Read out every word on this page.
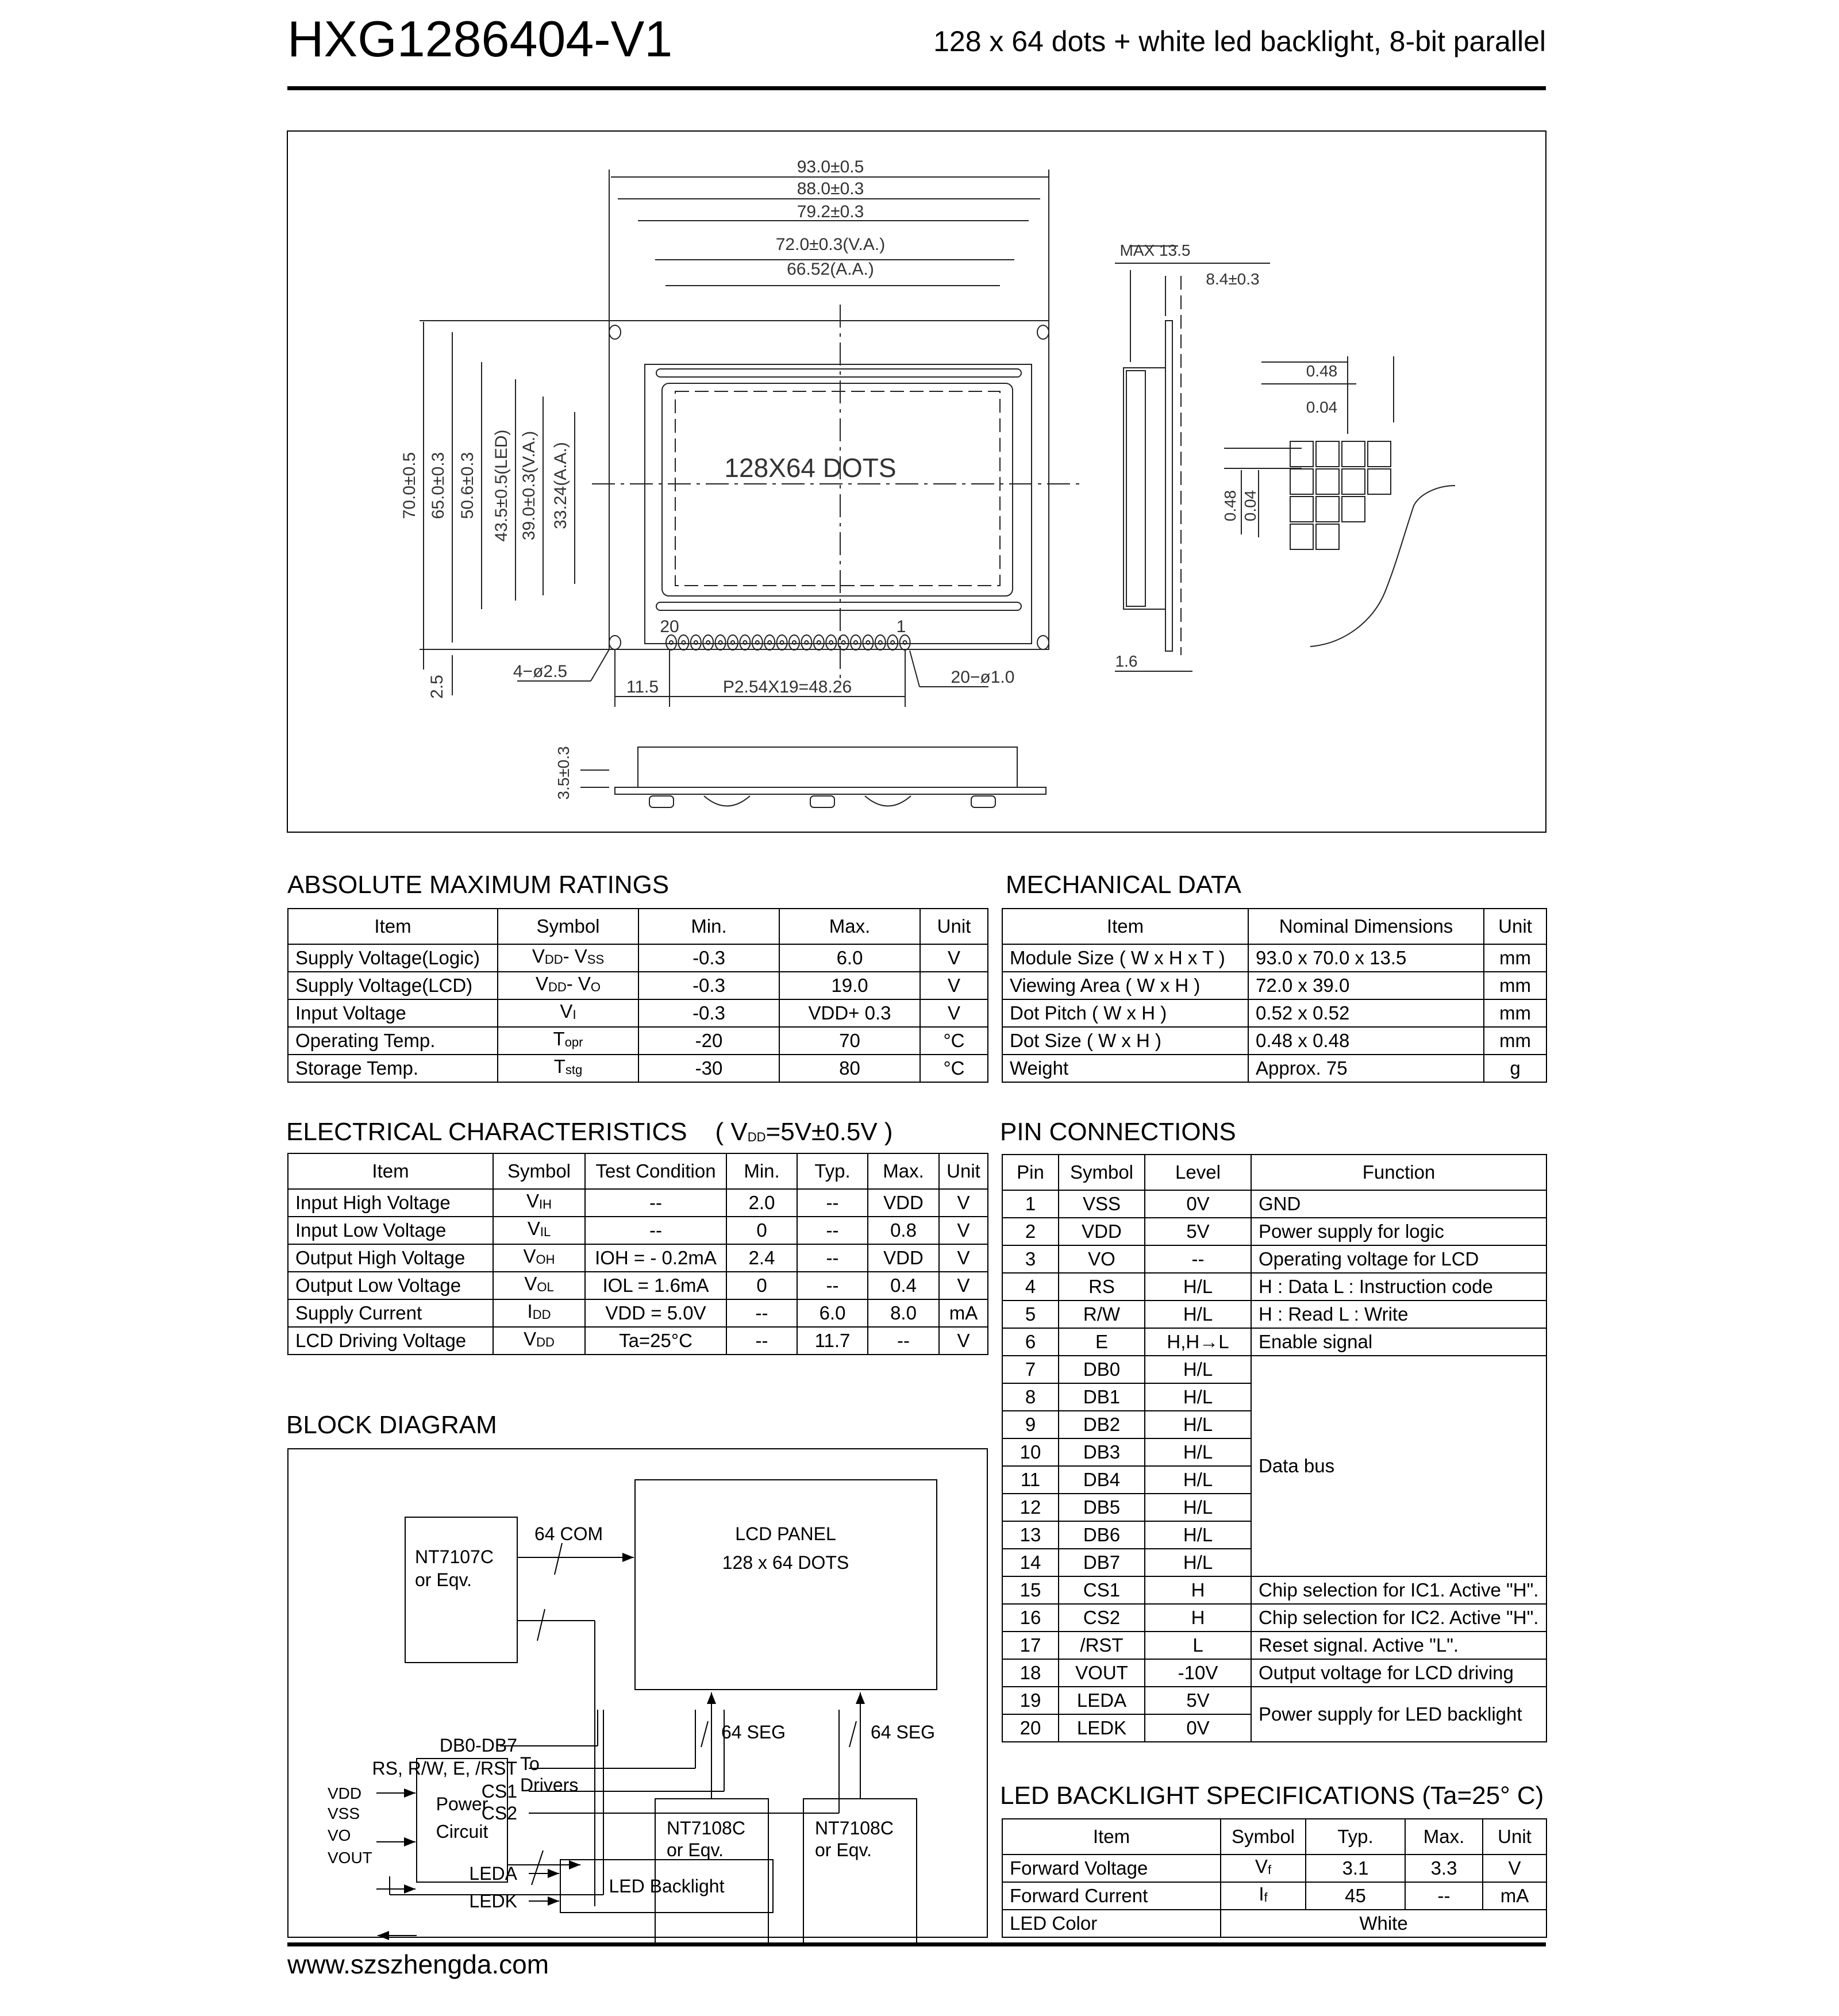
HXG1286404-V1	128 x 64 dots + white led backlight, 8-bit parallel
93.0±0.5
88.0±0.3
79.2±0.3
72.0±0.3(V.A.)
66.52(A.A.)
70.0±0.5 65.0±0.3 50.6±0.3 43.5±0.5(LED) 39.0±0.3(V.A.) 33.24(A.A.)	128X64 DOTS
20	1
4−ø2.5	20−ø1.0
11.5	P2.54X19=48.26
2.5
MAX 13.5
8.4±0.3
1.6
0.48
0.04
0.48 0.04
3.5±0.3
ABSOLUTE MAXIMUM RATINGS
Item	Symbol	Min.	Max.	Unit
Supply Voltage(Logic)	$V_{DD}-$ $V_{SS}$	-0.3	6.0	V
Supply Voltage(LCD)	$V_{DD}-$ $V_O$	-0.3	19.0	V
Input Voltage	$V_I$	-0.3	VDD+ 0.3	V
Operating Temp.	$T_{opr}$	-20	70	°C
Storage Temp.	$T_{stg}$	-30	80	°C
MECHANICAL DATA
Item	Nominal Dimensions	Unit
Module Size ( W x H x T )	93.0 x 70.0 x 13.5	mm
Viewing Area ( W x H )	72.0 x 39.0	mm
Dot Pitch ( W x H )	0.52 x 0.52	mm
Dot Size ( W x H )	0.48 x 0.48	mm
Weight	Approx. 75	g
ELECTRICAL CHARACTERISTICS ( $V_{DD}=5V\pm 0.5V$ )
Item	Symbol	Test Condition	Min.	Typ.	Max.	Unit
Input High Voltage	$V_{IH}$	--	2.0	--	VDD	V
Input Low Voltage	$V_{IL}$	--	0	--	0.8	V
Output High Voltage	$V_{OH}$	IOH = - 0.2mA	2.4	--	VDD	V
Output Low Voltage	$V_{OL}$	IOL = 1.6mA	0	--	0.4	V
Supply Current	$I_{DD}$	VDD = 5.0V	--	6.0	8.0	mA
LCD Driving Voltage	$V_{DD}$	Ta=25°C	--	11.7	--	V
PIN CONNECTIONS
Pin	Symbol	Level	Function
1	VSS	0V	GND
2	VDD	5V	Power supply for logic
3	VO	--	Operating voltage for LCD
4	RS	H/L	H : Data L : Instruction code
5	R/W	H/L	H : Read L : Write
6	E	H,H→L	Enable signal
7	DB0	H/L	Data bus
8	DB1	H/L	
9	DB2	H/L	
10	DB3	H/L	
11	DB4	H/L	
12	DB5	H/L	
13	DB6	H/L	
14	DB7	H/L	
15	CS1	H	Chip selection for IC1. Active "H".
16	CS2	H	Chip selection for IC2. Active "H".
17	/RST	L	Reset signal. Active "L".
18	VOUT	-10V	Output voltage for LCD driving
19	LEDA	5V	Power supply for LED backlight
20	LEDK	0V	
BLOCK DIAGRAM
NT7107C
or Eqv.
64 COM	LCD PANEL
128 x 64 DOTS
64 SEG	64 SEG
NT7108C
or Eqv.
NT7108C
or Eqv.
Power
Circuit
To
Drivers
VDD
VSS
VO
VOUT
DB0-DB7
RS, R/W, E, /RST
CS1
CS2
LEDA
LEDK
LED Backlight
LED BACKLIGHT SPECIFICATIONS (Ta=25° C)
Item	Symbol	Typ.	Max.	Unit
Forward Voltage	$V_f$	3.1	3.3	V
Forward Current	$I_f$	45	--	mA
LED Color	White			
www.szszhengda.com
